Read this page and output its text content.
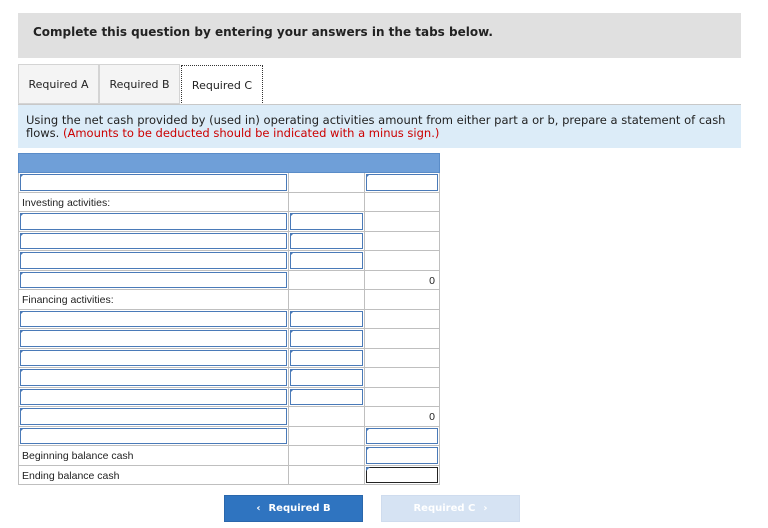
Complete this question by entering your answers in the tabs below.
Required A Required B Required C
Using the net cash provided by (used in) operating activities amount from either part a or b, prepare a statement of cash flows. (Amounts to be deducted should be indicated with a minus sign.)
Investing activities:
0
Financing activities:
0
Beginning balance cash
Ending balance cash
‹ Required B	Required C ›
